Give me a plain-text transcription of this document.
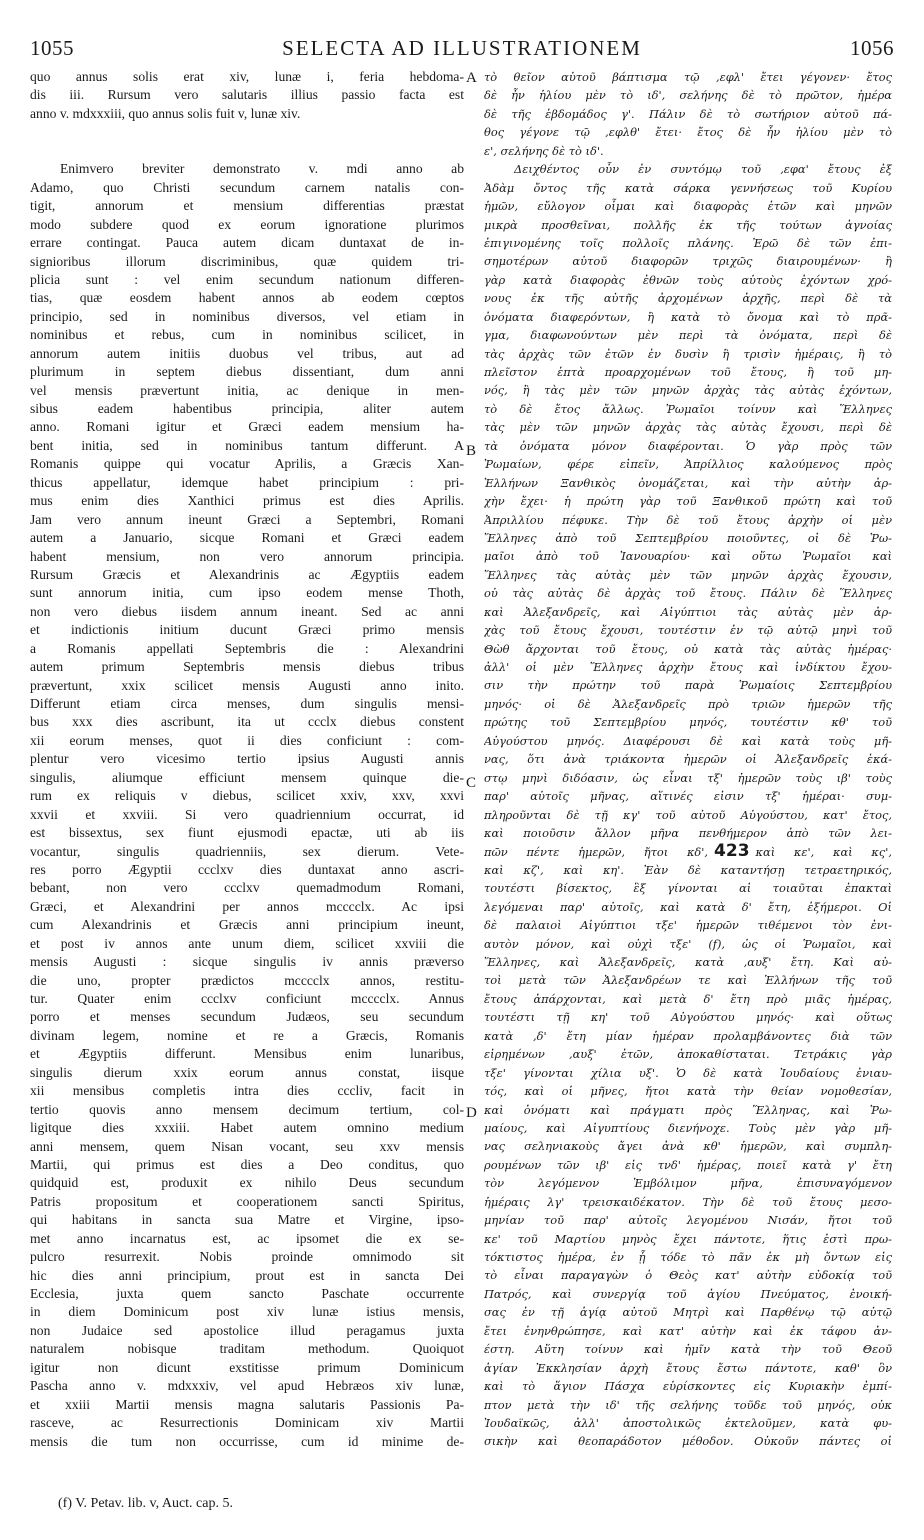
1055	SELECTA AD ILLUSTRATIONEM	1056
quo annus solis erat xiv, lunæ i, feria hebdoma-
dis iii. Rursum vero salutaris illius passio facta est
anno v. mdxxxiii, quo annus solis fuit v, lunæ xiv.
Enimvero breviter demonstrato v. mdi anno ab
Adamo, quo Christi secundum carnem natalis con-
tigit, annorum et mensium differentias præstat
modo subdere quod ex eorum ignoratione plurimos
errare contingat. Pauca autem dicam duntaxat de in-
signioribus illorum discriminibus, quæ quidem tri-
plicia sunt : vel enim secundum nationum differen-
tias, quæ eosdem habent annos ab eodem cœptos
principio, sed in nominibus diversos, vel etiam in
nominibus et rebus, cum in nominibus scilicet, in
annorum autem initiis duobus vel tribus, aut ad
plurimum in septem diebus dissentiant, dum anni
vel mensis prævertunt initia, ac denique in men-
sibus eadem habentibus principia, aliter autem
anno. Romani igitur et Græci eadem mensium ha-
bent initia, sed in nominibus tantum differunt. A
Romanis quippe qui vocatur Aprilis, a Græcis Xan-
thicus appellatur, idemque habet principium : pri-
mus enim dies Xanthici primus est dies Aprilis.
Jam vero annum ineunt Græci a Septembri, Romani
autem a Januario, sicque Romani et Græci eadem
habent mensium, non vero annorum principia.
Rursum Græcis et Alexandrinis ac Ægyptiis eadem
sunt annorum initia, cum ipso eodem mense Thoth,
non vero diebus iisdem annum ineant. Sed ac anni
et indictionis initium ducunt Græci primo mensis
a Romanis appellati Septembris die : Alexandrini
autem primum Septembris mensis diebus tribus
prævertunt, xxix scilicet mensis Augusti anno inito.
Differunt etiam circa menses, dum singulis mensi-
bus xxx dies ascribunt, ita ut ccclx diebus constent
xii eorum menses, quot ii dies conficiunt : com-
plentur vero vicesimo tertio ipsius Augusti annis
singulis, aliumque efficiunt mensem quinque die-
rum ex reliquis v diebus, scilicet xxiv, xxv, xxvi
xxvii et xxviii. Si vero quadriennium occurrat, id
est bissextus, sex fiunt ejusmodi epactæ, uti ab iis
vocantur, singulis quadrienniis, sex dierum. Vete-
res porro Ægyptii ccclxv dies duntaxat anno ascri-
bebant, non vero ccclxv quemadmodum Romani,
Græci, et Alexandrini per annos mcccclx. Ac ipsi
cum Alexandrinis et Græcis anni principium ineunt,
et post iv annos ante unum diem, scilicet xxviii die
mensis Augusti : sicque singulis iv annis præverso
die uno, propter prædictos mcccclx annos, restitu-
tur. Quater enim ccclxv conficiunt mcccclx. Annus
porro et menses secundum Judæos, seu secundum
divinam legem, nomine et re a Græcis, Romanis
et Ægyptiis differunt. Mensibus enim lunaribus,
singulis dierum xxix eorum annus constat, iisque
xii mensibus completis intra dies cccliv, facit in
tertio quovis anno mensem decimum tertium, col-
ligitque dies xxxiii. Habet autem omnino medium
anni mensem, quem Nisan vocant, seu xxv mensis
Martii, qui primus est dies a Deo conditus, quo
quidquid est, produxit ex nihilo Deus secundum
Patris propositum et cooperationem sancti Spiritus,
qui habitans in sancta sua Matre et Virgine, ipso-
met anno incarnatus est, ac ipsomet die ex se-
pulcro resurrexit. Nobis proinde omnimodo sit
hic dies anni principium, prout est in sancta Dei
Ecclesia, juxta quem sancto Paschate occurrente
in diem Dominicum post xiv lunæ istius mensis,
non Judaice sed apostolice illud peragamus juxta
naturalem nobisque traditam methodum. Quoiquot
igitur non dicunt exstitisse primum Dominicum
Pascha anno v. mdxxxiv, vel apud Hebræos xiv lunæ,
et xxiii Martii mensis magna salutaris Passionis Pa-
rasceve, ac Resurrectionis Dominicam xiv Martii
mensis die tum non occurrisse, cum id minime de-
τὸ θεῖον αὐτοῦ βάπτισμα τῷ ,εφλ' ἔτει γέγονεν· ἔτος
δὲ ἦν ἡλίου μὲν τὸ ιδ', σελήνης δὲ τὸ πρῶτον, ἡμέρα
δὲ τῆς ἑβδομάδος γ'. Πάλιν δὲ τὸ σωτήριον αὐτοῦ πά-
θος γέγονε τῷ ,εφλθ' ἔτει· ἔτος δὲ ἦν ἡλίου μὲν τὸ
ε', σελήνης δὲ τὸ ιδ'.
Δειχθέντος οὖν ἐν συντόμῳ τοῦ ,εφα' ἔτους ἐξ
Ἀδὰμ ὄντος τῆς κατὰ σάρκα γεννήσεως τοῦ Κυρίου
ἡμῶν, εὔλογον οἶμαι καὶ διαφορὰς ἐτῶν καὶ μηνῶν
μικρὰ προσθεῖναι, πολλῆς ἐκ τῆς τούτων ἀγνοίας
ἐπιγινομένης τοῖς πολλοῖς πλάνης. Ἐρῶ δὲ τῶν ἐπι-
σημοτέρων αὐτοῦ διαφορῶν τριχῶς διαιρουμένων· ἢ
γὰρ κατὰ διαφορὰς ἐθνῶν τοὺς αὐτοὺς ἐχόντων χρό-
νους ἐκ τῆς αὐτῆς ἀρχομένων ἀρχῆς, περὶ δὲ τὰ
ὀνόματα διαφερόντων, ἢ κατὰ τὸ ὄνομα καὶ τὸ πρᾶ-
γμα, διαφωνούντων μὲν περὶ τὰ ὀνόματα, περὶ δὲ
τὰς ἀρχὰς τῶν ἐτῶν ἐν δυσὶν ἢ τρισὶν ἡμέραις, ἢ τὸ
πλεῖστον ἑπτὰ προαρχομένων τοῦ ἔτους, ἢ τοῦ μη-
νός, ἢ τὰς μὲν τῶν μηνῶν ἀρχὰς τὰς αὐτὰς ἐχόντων,
τὸ δὲ ἔτος ἄλλως. Ῥωμαῖοι τοίνυν καὶ Ἕλληνες
τὰς μὲν τῶν μηνῶν ἀρχὰς τὰς αὐτὰς ἔχουσι, περὶ δὲ
τὰ ὀνόματα μόνον διαφέρονται. Ὁ γὰρ πρὸς τῶν
Ῥωμαίων, φέρε εἰπεῖν, Ἀπρίλλιος καλούμενος πρὸς
Ἑλλήνων Ξανθικὸς ὀνομάζεται, καὶ τὴν αὐτὴν ἀρ-
χὴν ἔχει· ἡ πρώτη γὰρ τοῦ Ξανθικοῦ πρώτη καὶ τοῦ
Ἀπριλλίου πέφυκε. Τὴν δὲ τοῦ ἔτους ἀρχὴν οἱ μὲν
Ἕλληνες ἀπὸ τοῦ Σεπτεμβρίου ποιοῦντες, οἱ δὲ Ῥω-
μαῖοι ἀπὸ τοῦ Ἰανουαρίου· καὶ οὕτω Ῥωμαῖοι καὶ
Ἕλληνες τὰς αὐτὰς μὲν τῶν μηνῶν ἀρχὰς ἔχουσιν,
οὐ τὰς αὐτὰς δὲ ἀρχὰς τοῦ ἔτους. Πάλιν δὲ Ἕλληνες
καὶ Ἀλεξανδρεῖς, καὶ Αἰγύπτιοι τὰς αὐτὰς μὲν ἀρ-
χὰς τοῦ ἔτους ἔχουσι, τουτέστιν ἐν τῷ αὐτῷ μηνὶ τοῦ
Θὼθ ἄρχονται τοῦ ἔτους, οὐ κατὰ τὰς αὐτὰς ἡμέρας·
ἀλλ' οἱ μὲν Ἕλληνες ἀρχὴν ἔτους καὶ ἰνδίκτου ἔχου-
σιν τὴν πρώτην τοῦ παρὰ Ῥωμαίοις Σεπτεμβρίου
μηνός· οἱ δὲ Ἀλεξανδρεῖς πρὸ τριῶν ἡμερῶν τῆς
πρώτης τοῦ Σεπτεμβρίου μηνός, τουτέστιν κθ' τοῦ
Αὐγούστου μηνός. Διαφέρουσι δὲ καὶ κατὰ τοὺς μῆ-
νας, ὅτι ἀνὰ τριάκοντα ἡμερῶν οἱ Ἀλεξανδρεῖς ἑκά-
στῳ μηνὶ διδόασιν, ὡς εἶναι τξ' ἡμερῶν τοὺς ιβ' τοὺς
παρ' αὐτοῖς μῆνας, αἵτινές εἰσιν τξ' ἡμέραι· συμ-
πληροῦνται δὲ τῇ κγ' τοῦ αὐτοῦ Αὐγούστου, κατ' ἔτος,
καὶ ποιοῦσιν ἄλλον μῆνα πενθήμερον ἀπὸ τῶν λει-
πῶν πέντε ἡμερῶν, ἤτοι κδ', 423 καὶ κε', καὶ κς',
καὶ κζ', καὶ κη'. Ἐὰν δὲ καταντήσῃ τετραετηρικός,
τουτέστι βίσεκτος, ἓξ γίνονται αἱ τοιαῦται ἐπακταὶ
λεγόμεναι παρ' αὐτοῖς, καὶ κατὰ δ' ἔτη, ἐξήμεροι. Οἱ
δὲ παλαιοὶ Αἰγύπτιοι τξε' ἡμερῶν τιθέμενοι τὸν ἐνι-
αυτὸν μόνον, καὶ οὐχὶ τξε' (f), ὡς οἱ Ῥωμαῖοι, καὶ
Ἕλληνες, καὶ Ἀλεξανδρεῖς, κατὰ ,αυξ' ἔτη. Καὶ αὐ-
τοὶ μετὰ τῶν Ἀλεξανδρέων τε καὶ Ἑλλήνων τῆς τοῦ
ἔτους ἀπάρχονται, καὶ μετὰ δ' ἔτη πρὸ μιᾶς ἡμέρας,
τουτέστι τῇ κη' τοῦ Αὐγούστου μηνός· καὶ οὕτως
κατὰ ,δ' ἔτη μίαν ἡμέραν προλαμβάνοντες διὰ τῶν
εἰρημένων ,αυξ' ἐτῶν, ἀποκαθίσταται. Τετράκις γὰρ
τξε' γίνονται χίλια υξ'. Ὁ δὲ κατὰ Ἰουδαίους ἐνιαυ-
τός, καὶ οἱ μῆνες, ἤτοι κατὰ τὴν θείαν νομοθεσίαν,
καὶ ὀνόματι καὶ πράγματι πρὸς Ἕλληνας, καὶ Ῥω-
μαίους, καὶ Αἰγυπτίους διενήνοχε. Τοὺς μὲν γὰρ μῆ-
νας σεληνιακοὺς ἄγει ἀνὰ κθ' ἡμερῶν, καὶ συμπλη-
ρουμένων τῶν ιβ' εἰς τνδ' ἡμέρας, ποιεῖ κατὰ γ' ἔτη
τὸν λεγόμενον Ἐμβόλιμον μῆνα, ἐπισυναγόμενον
ἡμέραις λγ' τρεισκαιδέκατον. Τὴν δὲ τοῦ ἔτους μεσο-
μηνίαν τοῦ παρ' αὐτοῖς λεγομένου Νισάν, ἤτοι τοῦ
κε' τοῦ Μαρτίου μηνὸς ἔχει πάντοτε, ἥτις ἐστὶ πρω-
τόκτιστος ἡμέρα, ἐν ᾗ τόδε τὸ πᾶν ἐκ μὴ ὄντων εἰς
τὸ εἶναι παραγαγὼν ὁ Θεὸς κατ' αὐτὴν εὐδοκίᾳ τοῦ
Πατρός, καὶ συνεργίᾳ τοῦ ἁγίου Πνεύματος, ἐνοική-
σας ἐν τῇ ἁγίᾳ αὐτοῦ Μητρὶ καὶ Παρθένῳ τῷ αὐτῷ
ἔτει ἐνηνθρώπησε, καὶ κατ' αὐτὴν καὶ ἐκ τάφου ἀν-
έστη. Αὕτη τοίνυν καὶ ἡμῖν κατὰ τὴν τοῦ Θεοῦ
ἁγίαν Ἐκκλησίαν ἀρχὴ ἔτους ἔστω πάντοτε, καθ' ὃν
καὶ τὸ ἅγιον Πάσχα εὑρίσκοντες εἰς Κυριακὴν ἐμπί-
πτον μετὰ τὴν ιδ' τῆς σελήνης τοῦδε τοῦ μηνός, οὐκ
Ἰουδαϊκῶς, ἀλλ' ἀποστολικῶς ἐκτελοῦμεν, κατὰ φυ-
σικὴν καὶ θεοπαράδοτον μέθοδον. Οὐκοῦν πάντες οἱ
A
B
C
D
(f) V. Petav. lib. v, Auct. cap. 5.
